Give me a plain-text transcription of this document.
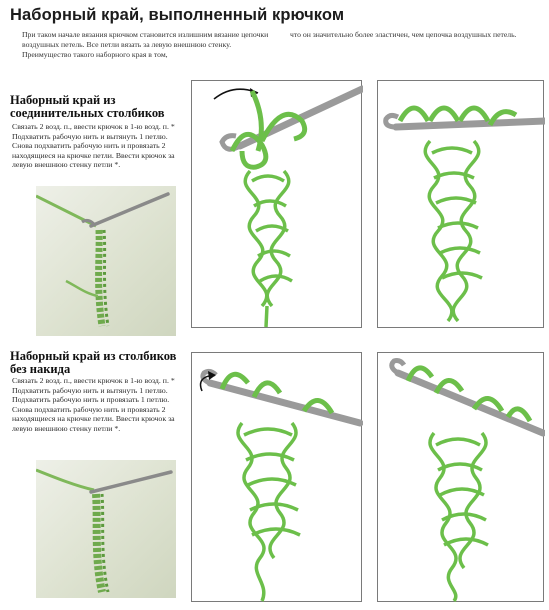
Наборный край, выполненный крючком
При таком начале вязания крючком становится излишним вязание цепочки воздушных петель. Все петли вязать за левую внешнюю стенку. Преимущество такого наборного края в том,
что он значительно более эластичен, чем цепочка воздушных петель.
Наборный край из соединительных столбиков
Связать 2 возд. п., ввести крючок в 1-ю возд. п. * Подхватить рабочую нить и вытянуть 1 петлю. Снова подхватить рабочую нить и провязать 2 находящиеся на крючке петли. Ввести крючок за левую внешнюю стенку петли *.
Наборный край из столбиков без накида
Связать 2 возд. п., ввести крючок в 1-ю возд. п. * Подхватить рабочую нить и вытянуть 1 петлю. Подхватить рабочую нить и провязать 1 петлю. Снова подхватить рабочую нить и провязать 2 находящиеся на крючке петли. Ввести крючок за левую внешнюю стенку петли *.
